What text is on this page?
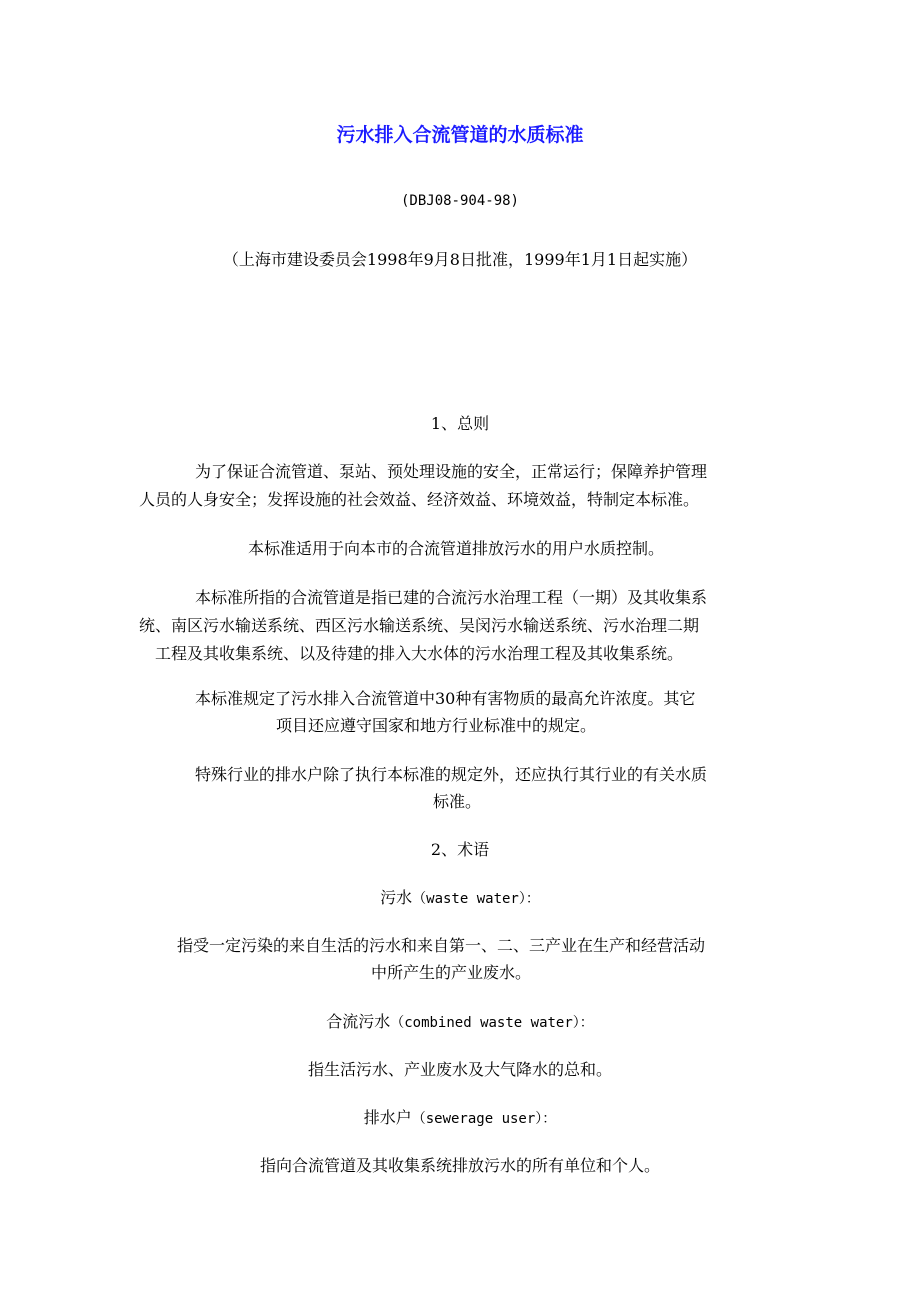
污水排入合流管道的水质标准
(DBJ08-904-98)
（上海市建设委员会1998年9月8日批准，1999年1月1日起实施）
1、总则
为了保证合流管道、泵站、预处理设施的安全，正常运行；保障养护管理
人员的人身安全；发挥设施的社会效益、经济效益、环境效益，特制定本标准。
本标准适用于向本市的合流管道排放污水的用户水质控制。
本标准所指的合流管道是指已建的合流污水治理工程（一期）及其收集系
统、南区污水输送系统、西区污水输送系统、吴闵污水输送系统、污水治理二期
工程及其收集系统、以及待建的排入大水体的污水治理工程及其收集系统。
本标准规定了污水排入合流管道中30种有害物质的最高允许浓度。其它
项目还应遵守国家和地方行业标准中的规定。
特殊行业的排水户除了执行本标准的规定外，还应执行其行业的有关水质
标准。
2、术语
污水（waste water）：
指受一定污染的来自生活的污水和来自第一、二、三产业在生产和经营活动
中所产生的产业废水。
合流污水（combined waste water）：
指生活污水、产业废水及大气降水的总和。
排水户（sewerage user）：
指向合流管道及其收集系统排放污水的所有单位和个人。
